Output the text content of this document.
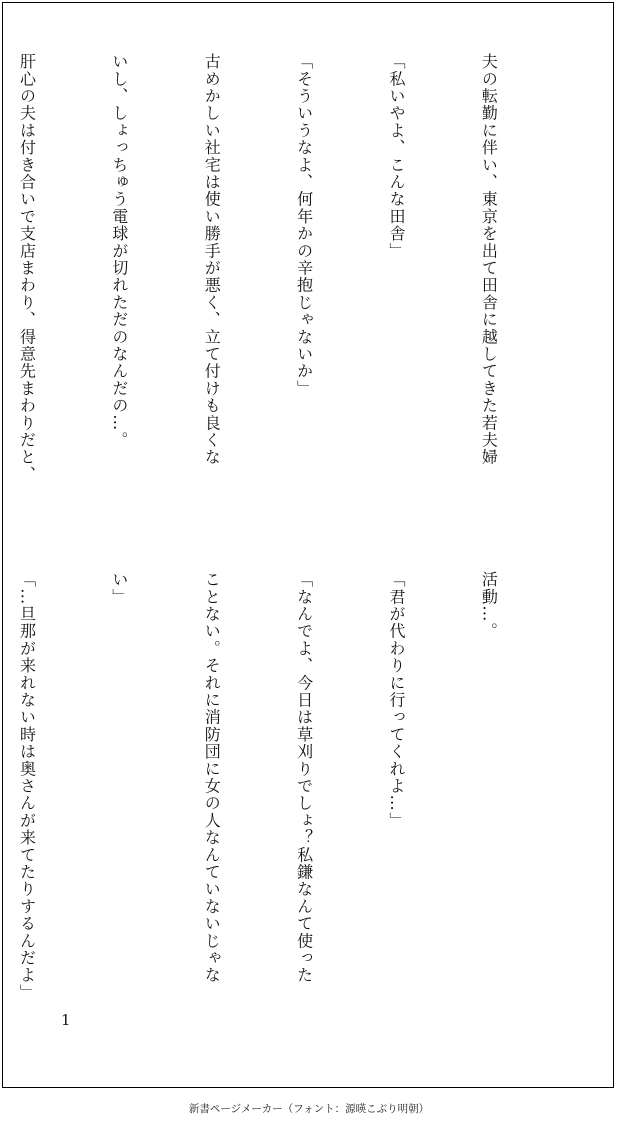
夫の転勤に伴い、東京を出て田舎に越してきた若夫婦

「私いやよ、こんな田舎」

「そういうなよ、何年かの辛抱じゃないか」

古めかしい社宅は使い勝手が悪く、立て付けも良くな

いし、しょっちゅう電球が切れただのなんだの…。

肝心の夫は付き合いで支店まわり、得意先まわりだと、

活動…。

「君が代わりに行ってくれよ…」

「なんでよ、今日は草刈りでしょ？私鎌なんて使った

ことない。それに消防団に女の人なんていないじゃな

い」

「…旦那が来れない時は奥さんが来てたりするんだよ」

1
新書ページメーカー（フォント：源暎こぶり明朝）
